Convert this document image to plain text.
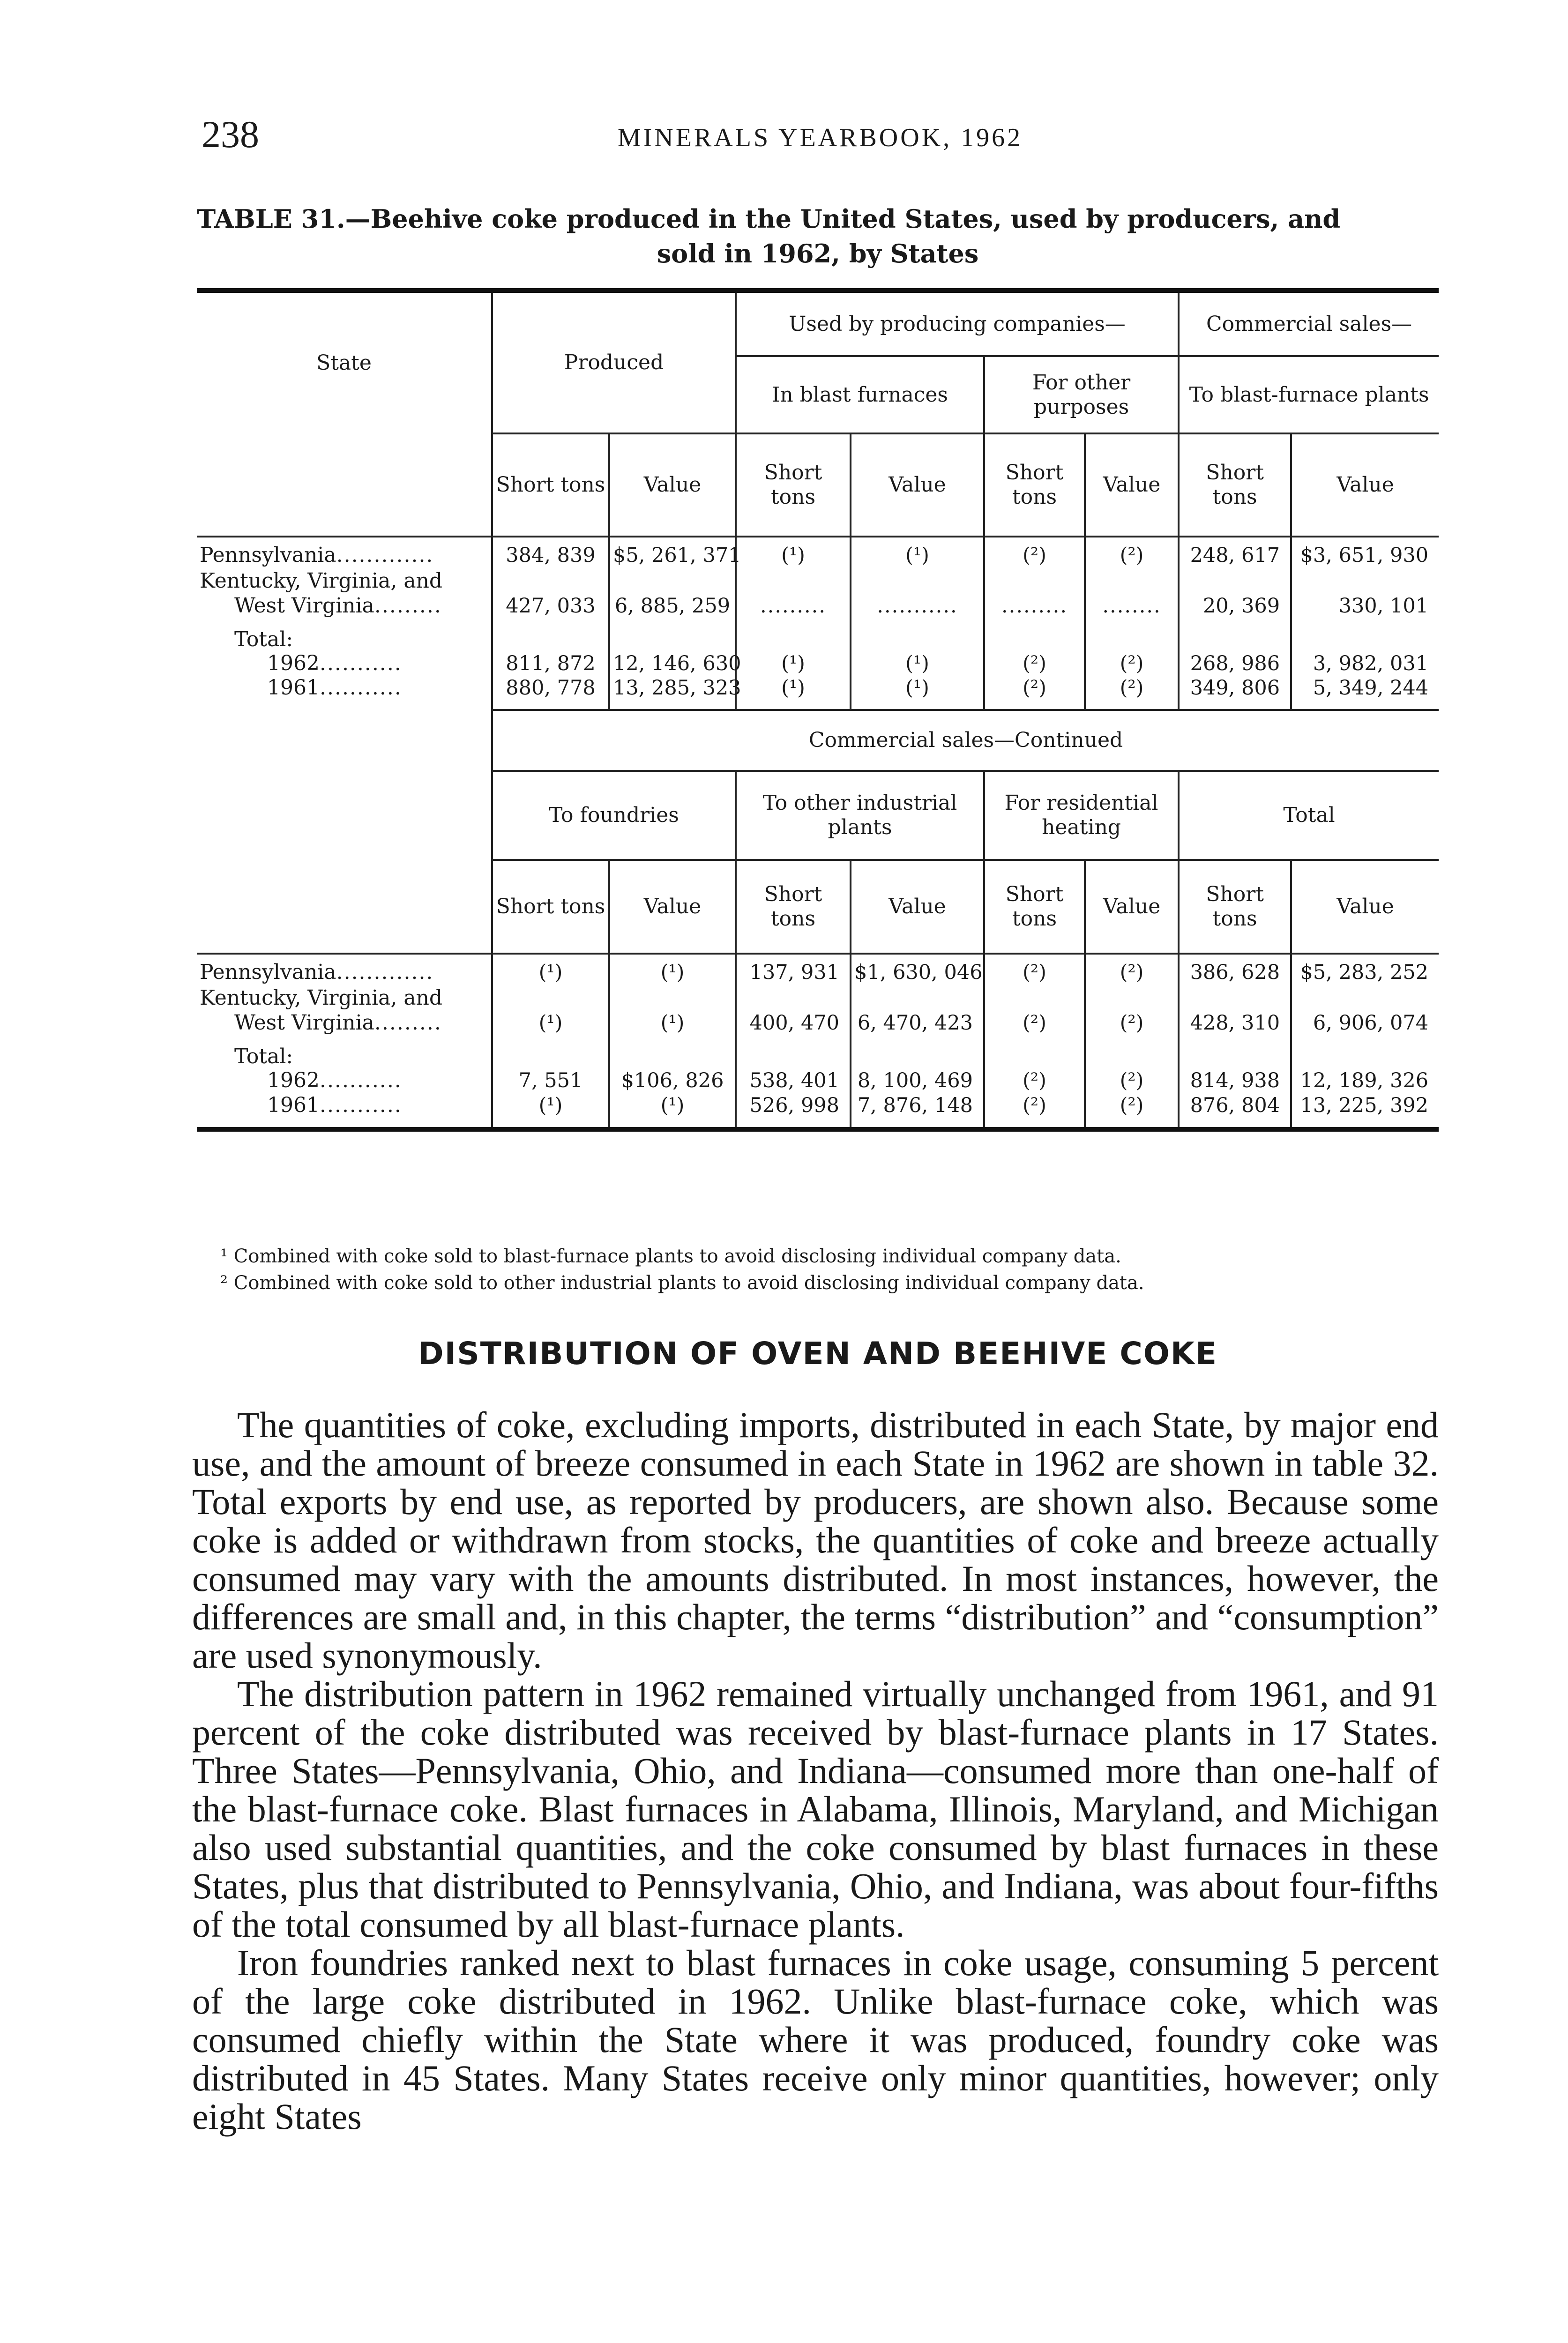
238	MINERALS YEARBOOK, 1962
TABLE 31.—Beehive coke produced in the United States, used by producers, and
sold in 1962, by States
State	Produced		Used by producing companies—				Commercial sales—	
			In blast furnaces		For other purposes		To blast-furnace plants	
	Short tons	Value	Short tons	Value	Short tons	Value	Short tons	Value

Pennsylvania.............	384, 839	$5, 261, 371	(¹)	(¹)	(²)	(²)	248, 617	$3, 651, 930
Kentucky, Virginia, and								
West Virginia.........	427, 033	6, 885, 259	.........	...........	.........	........	20, 369	330, 101

Total:								
1962...........	811, 872	12, 146, 630	(¹)	(¹)	(²)	(²)	268, 986	3, 982, 031
1961...........	880, 778	13, 285, 323	(¹)	(¹)	(²)	(²)	349, 806	5, 349, 244

	Commercial sales—Continued							
	To foundries		To other industrial plants		For residential heating		Total	
	Short tons	Value	Short tons	Value	Short tons	Value	Short tons	Value

Pennsylvania.............	(¹)	(¹)	137, 931	$1, 630, 046	(²)	(²)	386, 628	$5, 283, 252
Kentucky, Virginia, and								
West Virginia.........	(¹)	(¹)	400, 470	6, 470, 423	(²)	(²)	428, 310	6, 906, 074

Total:								
1962...........	7, 551	$106, 826	538, 401	8, 100, 469	(²)	(²)	814, 938	12, 189, 326
1961...........	(¹)	(¹)	526, 998	7, 876, 148	(²)	(²)	876, 804	13, 225, 392

¹ Combined with coke sold to blast-furnace plants to avoid disclosing individual company data.
² Combined with coke sold to other industrial plants to avoid disclosing individual company data.
DISTRIBUTION OF OVEN AND BEEHIVE COKE

The quantities of coke, excluding imports, distributed in each State, by major end use, and the amount of breeze consumed in each State in 1962 are shown in table 32. Total exports by end use, as reported by producers, are shown also. Because some coke is added or withdrawn from stocks, the quantities of coke and breeze actually consumed may vary with the amounts distributed. In most instances, however, the differences are small and, in this chapter, the terms “distribution” and “consumption” are used synonymously.

The distribution pattern in 1962 remained virtually unchanged from 1961, and 91 percent of the coke distributed was received by blast-furnace plants in 17 States. Three States—Pennsylvania, Ohio, and Indiana—consumed more than one-half of the blast-furnace coke. Blast furnaces in Alabama, Illinois, Maryland, and Michigan also used substantial quantities, and the coke consumed by blast furnaces in these States, plus that distributed to Pennsylvania, Ohio, and Indiana, was about four-fifths of the total consumed by all blast-furnace plants.

Iron foundries ranked next to blast furnaces in coke usage, consuming 5 percent of the large coke distributed in 1962. Unlike blast-furnace coke, which was consumed chiefly within the State where it was produced, foundry coke was distributed in 45 States. Many States receive only minor quantities, however; only eight States
